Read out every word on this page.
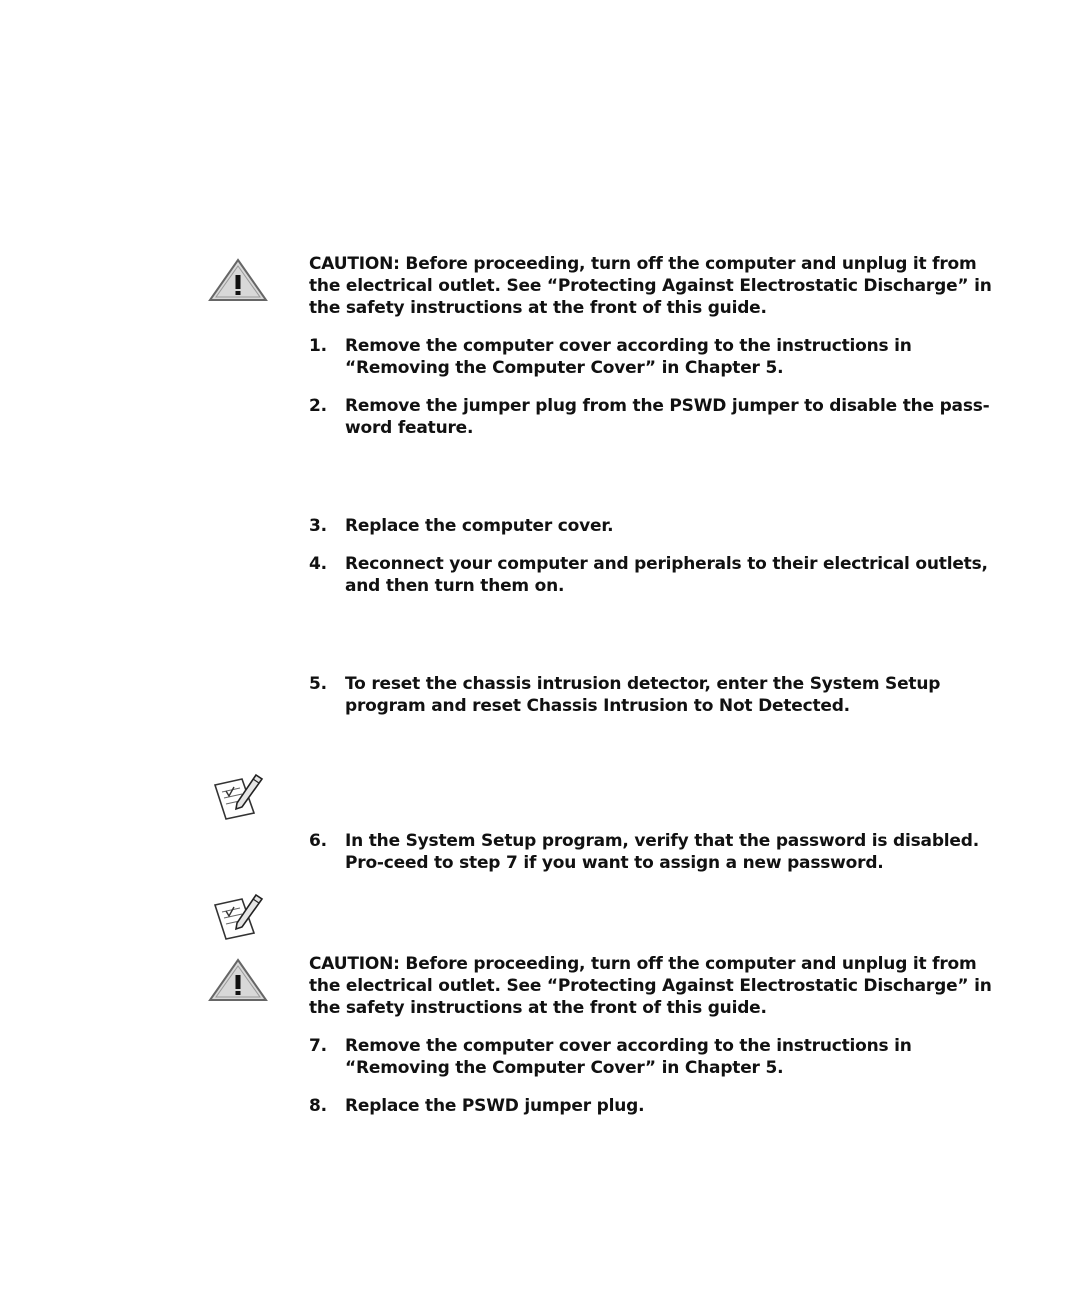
CAUTION: Before proceeding, turn off the computer and unplug it from the electrical outlet. See “Protecting Against Electrostatic Discharge” in the safety instructions at the front of this guide.
1.	Remove the computer cover according to the instructions in “Removing the Computer Cover” in Chapter 5.
2.	Remove the jumper plug from the PSWD jumper to disable the pass-word feature.
3.	Replace the computer cover.
4.	Reconnect your computer and peripherals to their electrical outlets, and then turn them on.
5.	To reset the chassis intrusion detector, enter the System Setup program and reset Chassis Intrusion to Not Detected.
6.	In the System Setup program, verify that the password is disabled. Pro-ceed to step 7 if you want to assign a new password.
CAUTION: Before proceeding, turn off the computer and unplug it from the electrical outlet. See “Protecting Against Electrostatic Discharge” in the safety instructions at the front of this guide.
7.	Remove the computer cover according to the instructions in “Removing the Computer Cover” in Chapter 5.
8.	Replace the PSWD jumper plug.
